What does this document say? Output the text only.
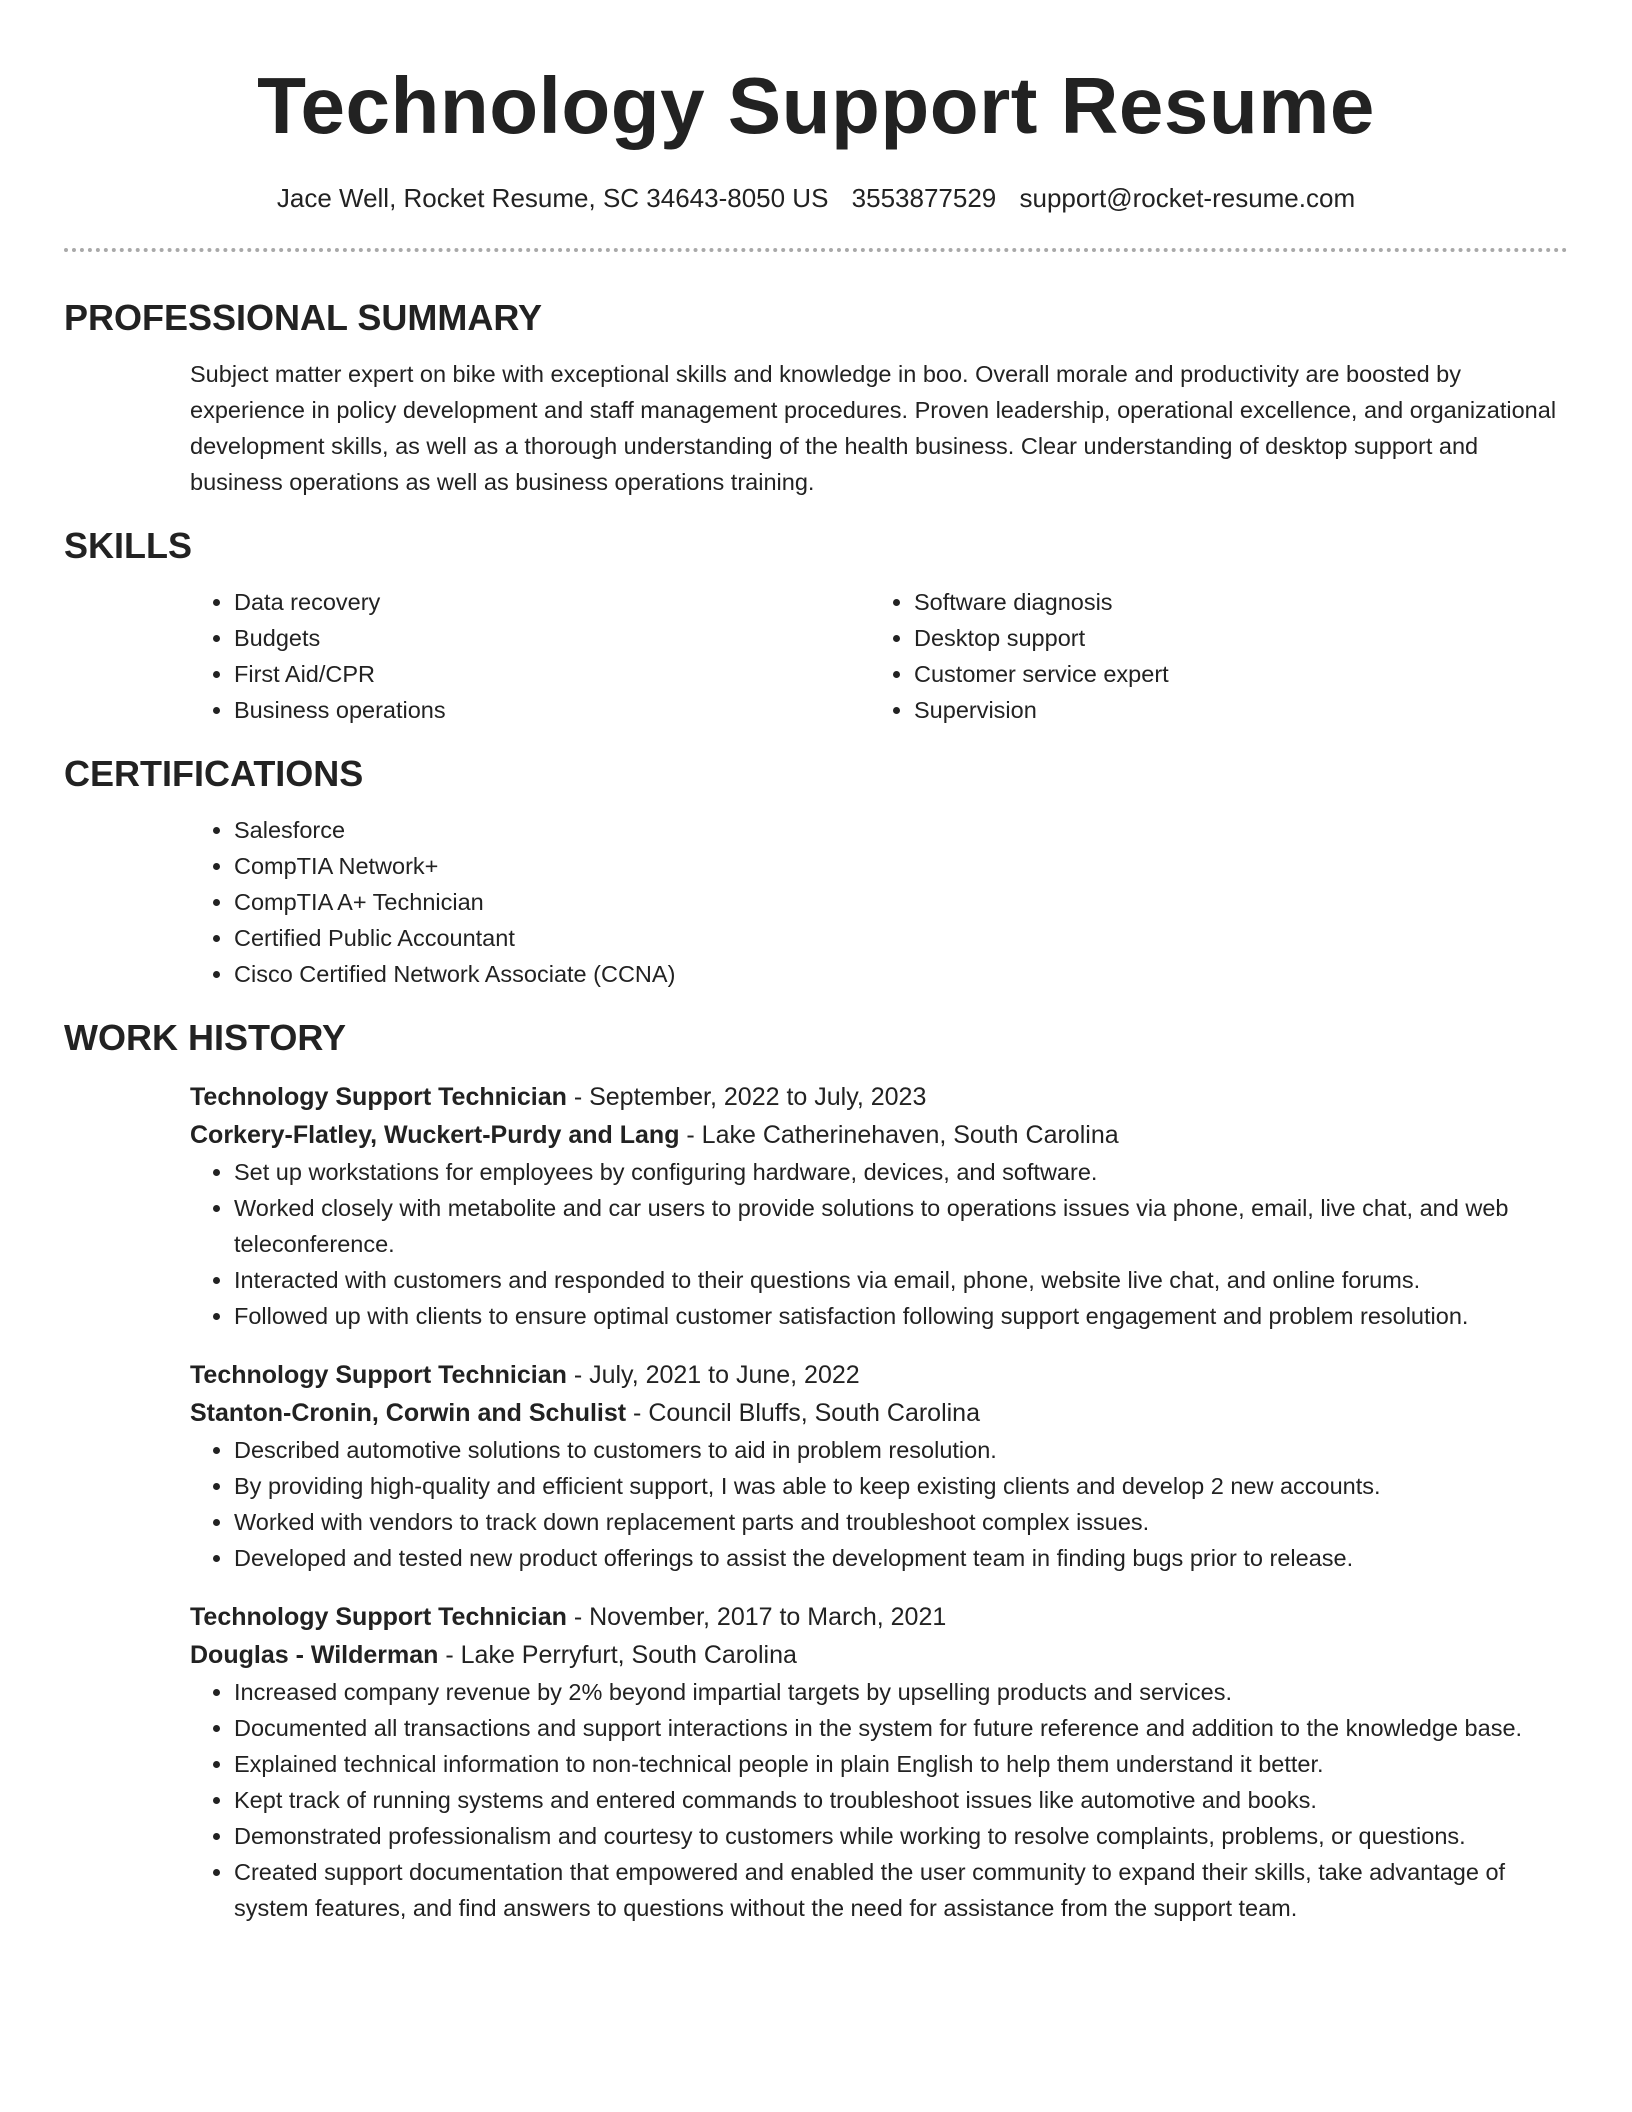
Technology Support Resume
Jace Well, Rocket Resume, SC 34643-8050 US 3553877529 support@rocket-resume.com
PROFESSIONAL SUMMARY
Subject matter expert on bike with exceptional skills and knowledge in boo. Overall morale and productivity are boosted by experience in policy development and staff management procedures. Proven leadership, operational excellence, and organizational development skills, as well as a thorough understanding of the health business. Clear understanding of desktop support and business operations as well as business operations training.
SKILLS
• Data recovery
• Budgets
• First Aid/CPR
• Business operations
• Software diagnosis
• Desktop support
• Customer service expert
• Supervision
CERTIFICATIONS
• Salesforce
• CompTIA Network+
• CompTIA A+ Technician
• Certified Public Accountant
• Cisco Certified Network Associate (CCNA)
WORK HISTORY
Technology Support Technician - September, 2022 to July, 2023
Corkery-Flatley, Wuckert-Purdy and Lang - Lake Catherinehaven, South Carolina
• Set up workstations for employees by configuring hardware, devices, and software.
• Worked closely with metabolite and car users to provide solutions to operations issues via phone, email, live chat, and web teleconference.
• Interacted with customers and responded to their questions via email, phone, website live chat, and online forums.
• Followed up with clients to ensure optimal customer satisfaction following support engagement and problem resolution.
Technology Support Technician - July, 2021 to June, 2022
Stanton-Cronin, Corwin and Schulist - Council Bluffs, South Carolina
• Described automotive solutions to customers to aid in problem resolution.
• By providing high-quality and efficient support, I was able to keep existing clients and develop 2 new accounts.
• Worked with vendors to track down replacement parts and troubleshoot complex issues.
• Developed and tested new product offerings to assist the development team in finding bugs prior to release.
Technology Support Technician - November, 2017 to March, 2021
Douglas - Wilderman - Lake Perryfurt, South Carolina
• Increased company revenue by 2% beyond impartial targets by upselling products and services.
• Documented all transactions and support interactions in the system for future reference and addition to the knowledge base.
• Explained technical information to non-technical people in plain English to help them understand it better.
• Kept track of running systems and entered commands to troubleshoot issues like automotive and books.
• Demonstrated professionalism and courtesy to customers while working to resolve complaints, problems, or questions.
• Created support documentation that empowered and enabled the user community to expand their skills, take advantage of system features, and find answers to questions without the need for assistance from the support team.
